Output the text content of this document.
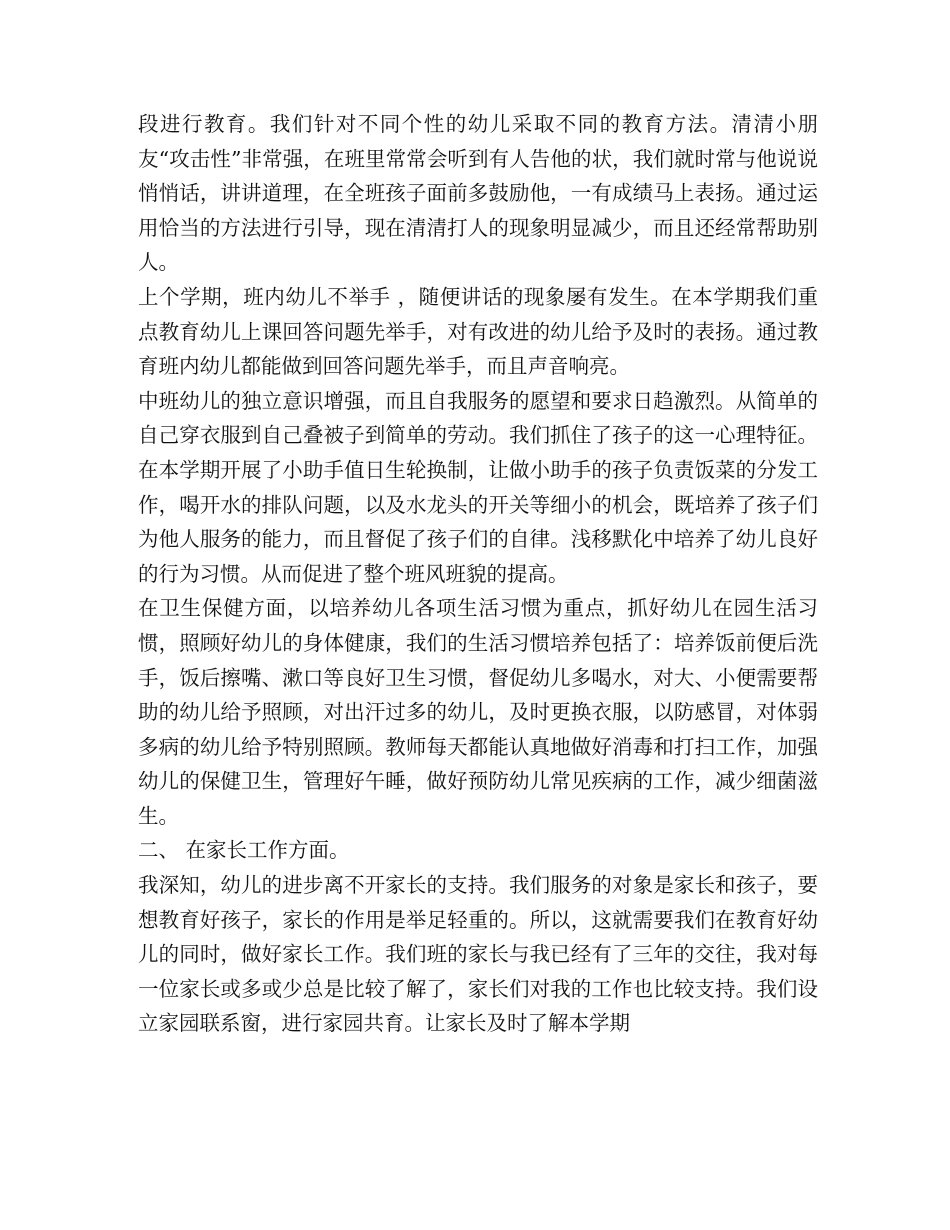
段进行教育。我们针对不同个性的幼儿采取不同的教育方法。清清小朋友“攻击性”非常强，在班里常常会听到有人告他的状，我们就时常与他说说悄悄话，讲讲道理，在全班孩子面前多鼓励他，一有成绩马上表扬。通过运用恰当的方法进行引导，现在清清打人的现象明显减少，而且还经常帮助别人。

上个学期，班内幼儿不举手 ，随便讲话的现象屡有发生。在本学期我们重点教育幼儿上课回答问题先举手，对有改进的幼儿给予及时的表扬。通过教育班内幼儿都能做到回答问题先举手，而且声音响亮。

中班幼儿的独立意识增强，而且自我服务的愿望和要求日趋激烈。从简单的自己穿衣服到自己叠被子到简单的劳动。我们抓住了孩子的这一心理特征。在本学期开展了小助手值日生轮换制，让做小助手的孩子负责饭菜的分发工作，喝开水的排队问题，以及水龙头的开关等细小的机会，既培养了孩子们为他人服务的能力，而且督促了孩子们的自律。浅移默化中培养了幼儿良好的行为习惯。从而促进了整个班风班貌的提高。

在卫生保健方面，以培养幼儿各项生活习惯为重点，抓好幼儿在园生活习惯，照顾好幼儿的身体健康，我们的生活习惯培养包括了：培养饭前便后洗手，饭后擦嘴、漱口等良好卫生习惯，督促幼儿多喝水，对大、小便需要帮助的幼儿给予照顾，对出汗过多的幼儿，及时更换衣服，以防感冒，对体弱多病的幼儿给予特别照顾。教师每天都能认真地做好消毒和打扫工作，加强幼儿的保健卫生，管理好午睡，做好预防幼儿常见疾病的工作，减少细菌滋生。

二、 在家长工作方面。

我深知，幼儿的进步离不开家长的支持。我们服务的对象是家长和孩子，要想教育好孩子，家长的作用是举足轻重的。所以，这就需要我们在教育好幼儿的同时，做好家长工作。我们班的家长与我已经有了三年的交往，我对每一位家长或多或少总是比较了解了，家长们对我的工作也比较支持。我们设立家园联系窗，进行家园共育。让家长及时了解本学期
